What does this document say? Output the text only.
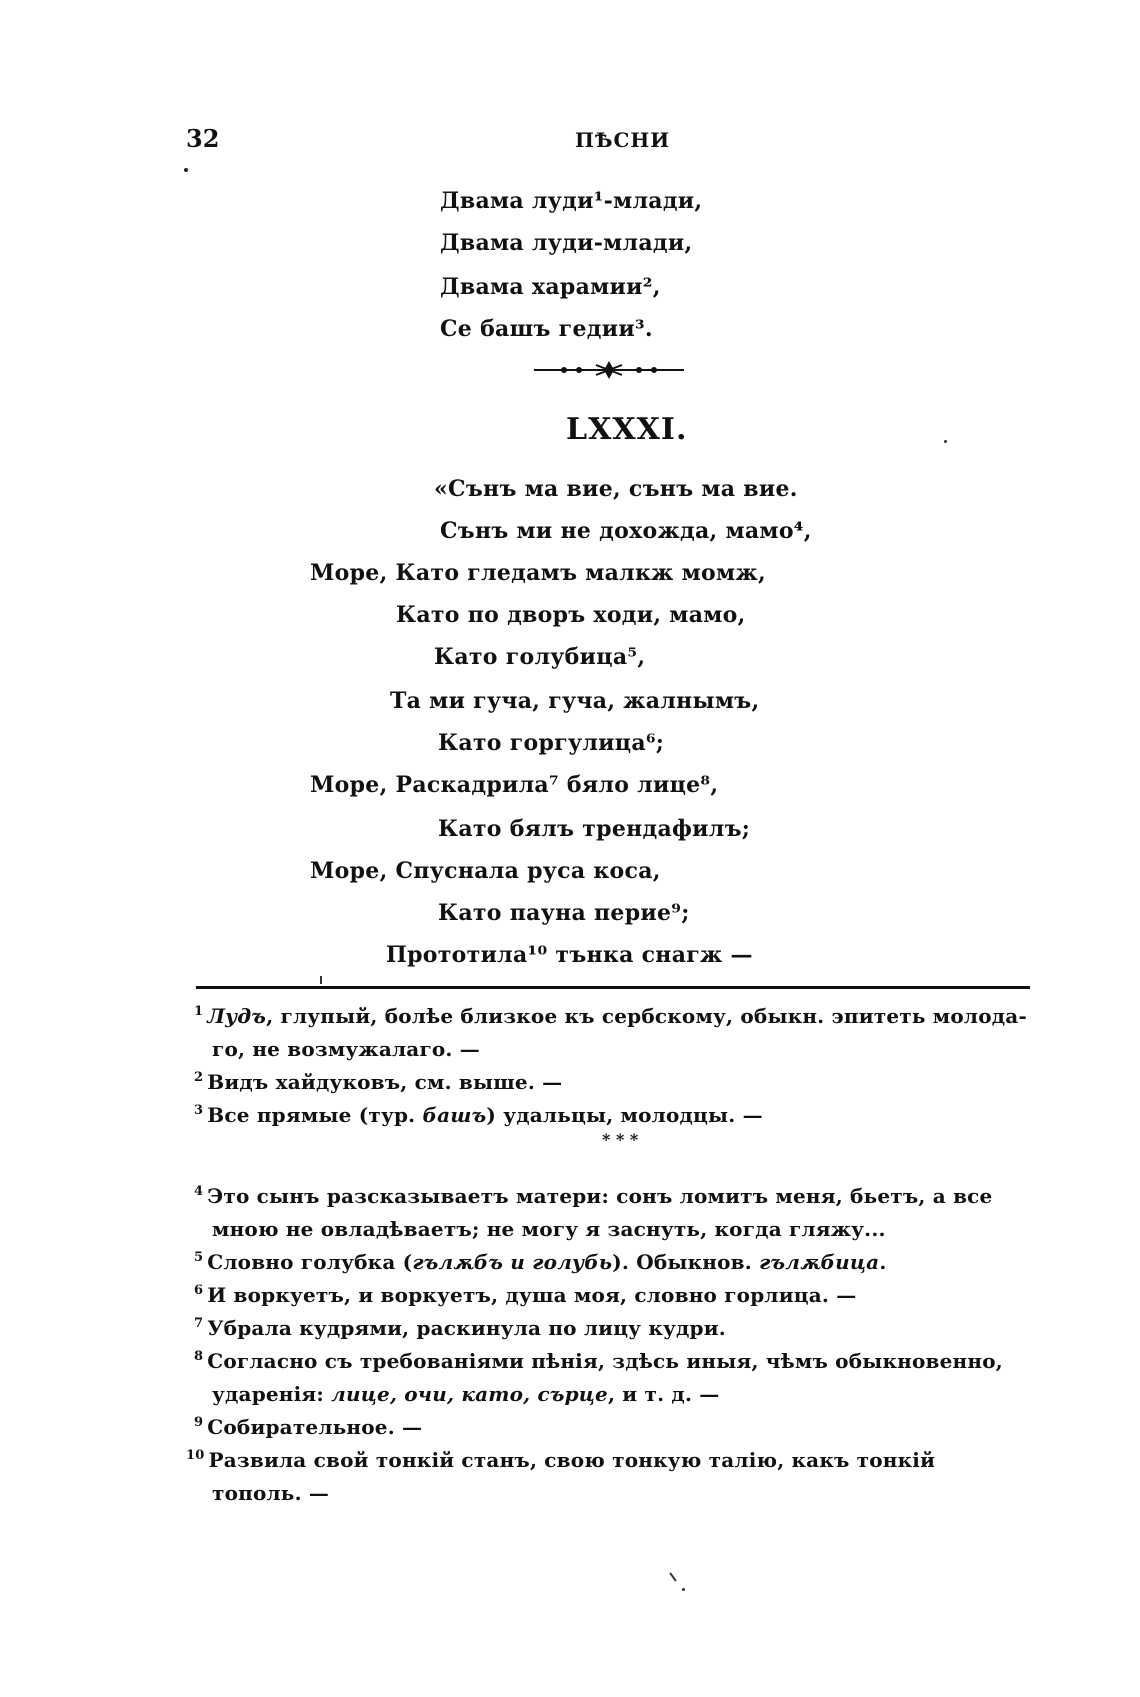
32	ПѢСНИ
Двама луди¹-млади,
Двама луди-млади,
Двама харамии²,
Се башъ гедии³.
LXXXI.
«Сънъ ма вие, сънъ ма вие.
Сънъ ми не дохожда, мамо⁴,
Море, Като гледамъ малкж момж,
Като по дворъ ходи, мамо,
Като голубица⁵,
Та ми гуча, гуча, жалнымъ,
Като горгулица⁶;
Море, Раскадрила⁷ бяло лице⁸,
Като бялъ трендафилъ;
Море, Спуснала руса коса,
Като пауна перие⁹;
Прототила¹⁰ тънка снагж —
$^1$ Лудъ, глупый, болѣе близкое къ сербскому, обыкн. эпитеть молода-
го, не возмужалаго. —
$^2$ Видъ хайдуковъ, см. выше. —
$^3$ Все прямые (тур. башъ) удальцы, молодцы. —
* * *
$^4$ Это сынъ разсказываетъ матери: сонъ ломитъ меня, бьетъ, а все
мною не овладѣваетъ; не могу я заснуть, когда гляжу...
$^5$ Словно голубка (гълѫбъ и голубь). Обыкнов. гълѫбица.
$^6$ И воркуетъ, и воркуетъ, душа моя, словно горлица. —
$^7$ Убрала кудрями, раскинула по лицу кудри.
$^8$ Согласно съ требованіями пѣнія, здѣсь иныя, чѣмъ обыкновенно,
ударенія: лице, очи, като, сърце, и т. д. —
$^9$ Собирательное. —
$^{10}$ Развила свой тонкій станъ, свою тонкую талію, какъ тонкій
тополь. —
